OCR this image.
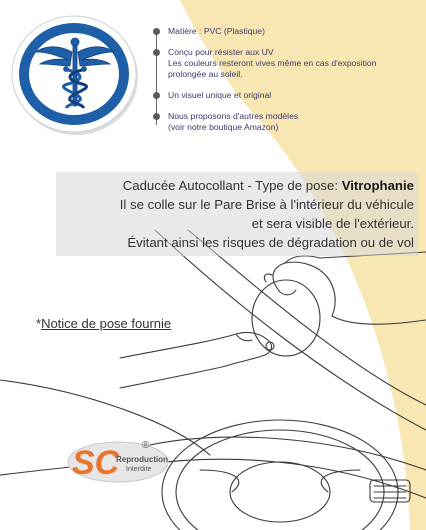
Matière : PVC (Plastique)

Conçu pour résister aux UV

Les couleurs resteront vives même en cas d'exposition

prolongée au soleil.

Un visuel unique et original

Nous proposons d'autres modèles

(voir notre boutique Amazon)

Caducée Autocollant - Type de pose: Vitrophanie

Il se colle sur le Pare Brise à l'intérieur du véhicule

et sera visible de l'extérieur.

Évitant ainsi les risques de dégradation ou de vol

*Notice de pose fournie
SC ®
Reproduction
Interdite
